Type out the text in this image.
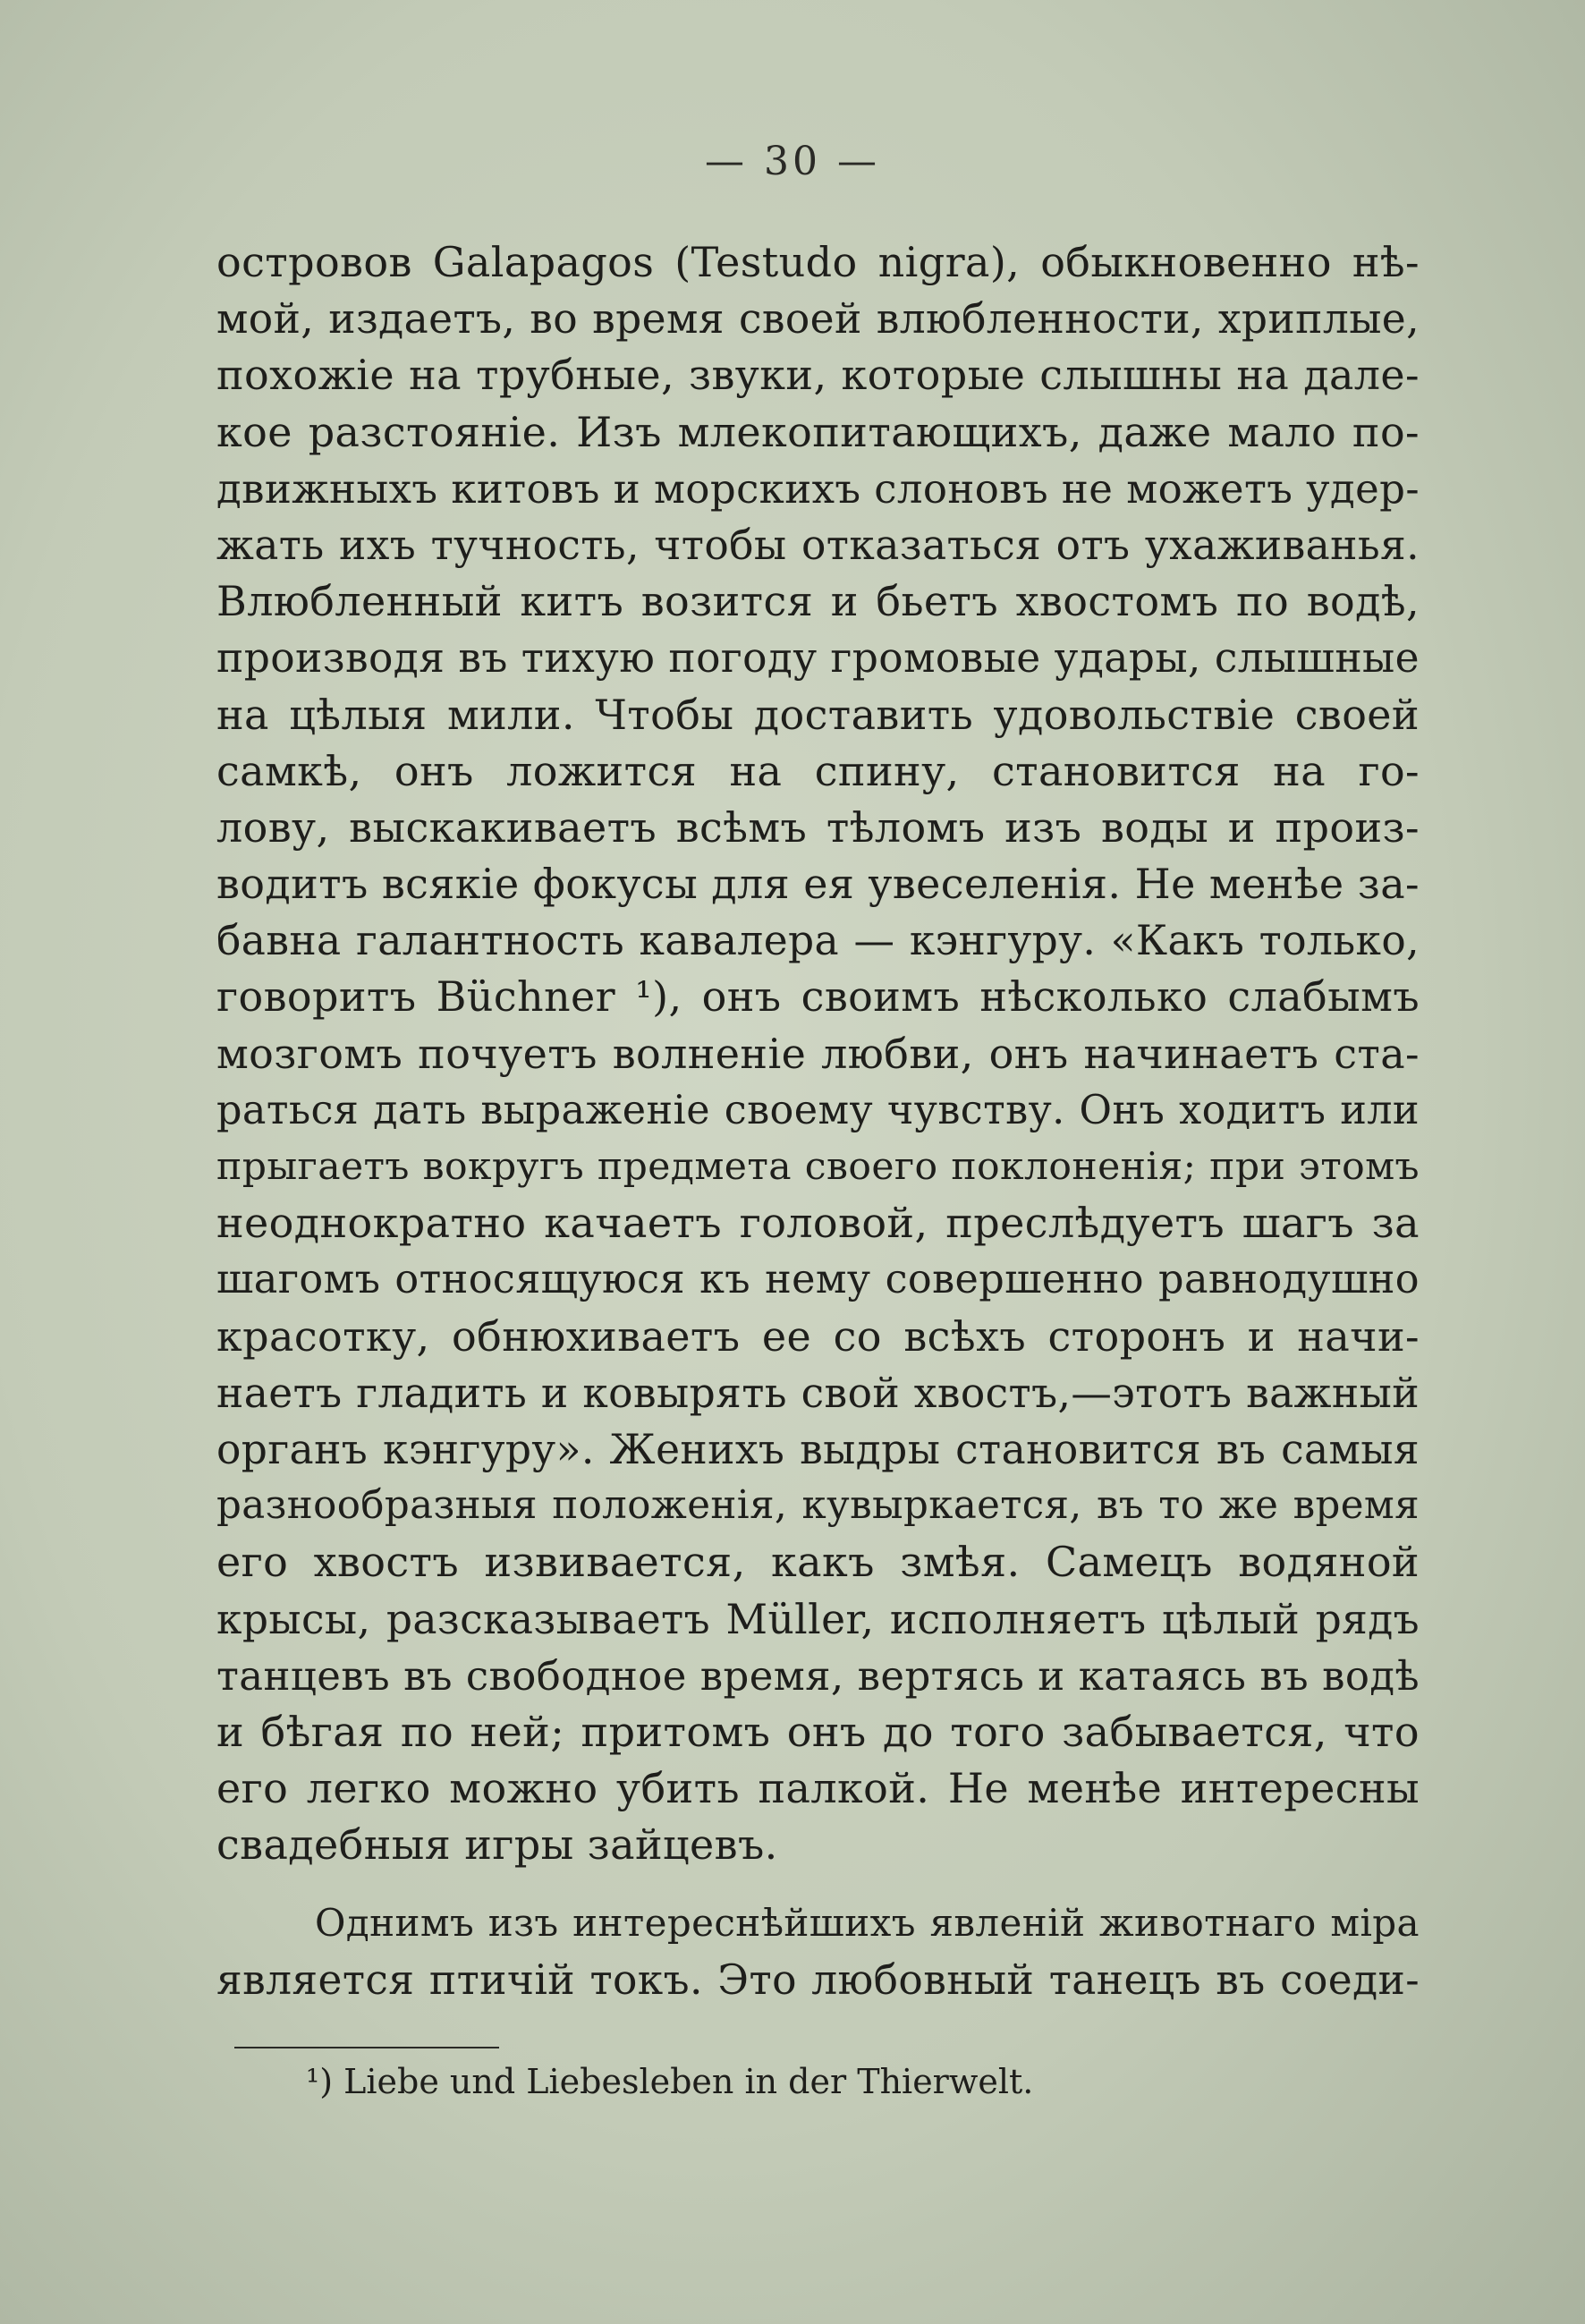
— 30 —
островов Galapagos (Testudo nigra), обыкновенно нѣ-
мой, издаетъ, во время своей влюбленности, хриплые,
похожіе на трубные, звуки, которые слышны на дале-
кое разстояніе. Изъ млекопитающихъ, даже мало по-
движныхъ китовъ и морскихъ слоновъ не можетъ удер-
жать ихъ тучность, чтобы отказаться отъ ухаживанья.
Влюбленный китъ возится и бьетъ хвостомъ по водѣ,
производя въ тихую погоду громовые удары, слышные
на цѣлыя мили. Чтобы доставить удовольствіе своей
самкѣ, онъ ложится на спину, становится на го-
лову, выскакиваетъ всѣмъ тѣломъ изъ воды и произ-
водитъ всякіе фокусы для ея увеселенія. Не менѣе за-
бавна галантность кавалера — кэнгуру. «Какъ только,
говоритъ Büchner ¹), онъ своимъ нѣсколько слабымъ
мозгомъ почуетъ волненіе любви, онъ начинаетъ ста-
раться дать выраженіе своему чувству. Онъ ходитъ или
прыгаетъ вокругъ предмета своего поклоненія; при этомъ
неоднократно качаетъ головой, преслѣдуетъ шагъ за
шагомъ относящуюся къ нему совершенно равнодушно
красотку, обнюхиваетъ ее со всѣхъ сторонъ и начи-
наетъ гладить и ковырять свой хвостъ,—этотъ важный
органъ кэнгуру». Женихъ выдры становится въ самыя
разнообразныя положенія, кувыркается, въ то же время
его хвостъ извивается, какъ змѣя. Самецъ водяной
крысы, разсказываетъ Müller, исполняетъ цѣлый рядъ
танцевъ въ свободное время, вертясь и катаясь въ водѣ
и бѣгая по ней; притомъ онъ до того забывается, что
его легко можно убить палкой. Не менѣе интересны
свадебныя игры зайцевъ.
Однимъ изъ интереснѣйшихъ явленій животнаго міра
является птичій токъ. Это любовный танецъ въ соеди-
¹) Liebe und Liebesleben in der Thierwelt.
